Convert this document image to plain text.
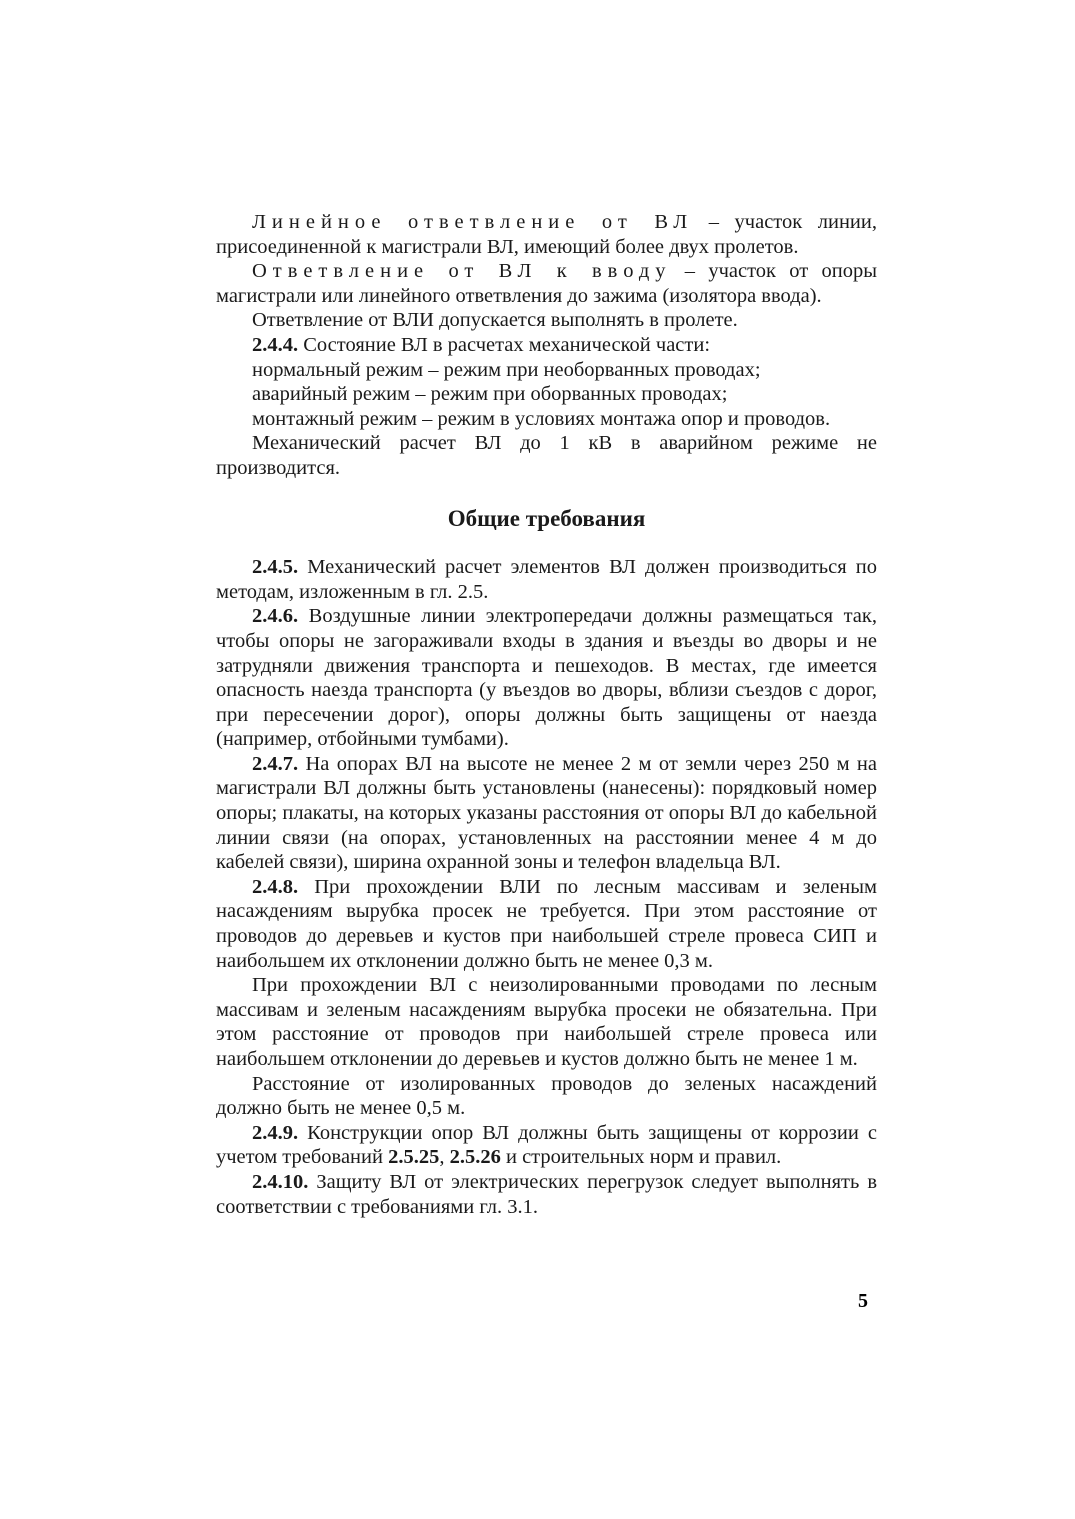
Линейное ответвление от ВЛ – участок линии, присоединенной к магистрали ВЛ, имеющий более двух пролетов.

Ответвление от ВЛ к вводу – участок от опоры магистрали или линейного ответвления до зажима (изолятора ввода).

Ответвление от ВЛИ допускается выполнять в пролете.

2.4.4. Состояние ВЛ в расчетах механической части:

нормальный режим – режим при необорванных проводах;

аварийный режим – режим при оборванных проводах;

монтажный режим – режим в условиях монтажа опор и проводов.

Механический расчет ВЛ до 1 кВ в аварийном режиме не производится.

Общие требования

2.4.5. Механический расчет элементов ВЛ должен производиться по методам, изложенным в гл. 2.5.

2.4.6. Воздушные линии электропередачи должны размещаться так, чтобы опоры не загораживали входы в здания и въезды во дворы и не затрудняли движения транспорта и пешеходов. В местах, где имеется опасность наезда транспорта (у въездов во дворы, вблизи съездов с дорог, при пересечении дорог), опоры должны быть защищены от наезда (например, отбойными тумбами).

2.4.7. На опорах ВЛ на высоте не менее 2 м от земли через 250 м на магистрали ВЛ должны быть установлены (нанесены): порядковый номер опоры; плакаты, на которых указаны расстояния от опоры ВЛ до кабельной линии связи (на опорах, установленных на расстоянии менее 4 м до кабелей связи), ширина охранной зоны и телефон владельца ВЛ.

2.4.8. При прохождении ВЛИ по лесным массивам и зеленым насаждениям вырубка просек не требуется. При этом расстояние от проводов до деревьев и кустов при наибольшей стреле провеса СИП и наибольшем их отклонении должно быть не менее 0,3 м.

При прохождении ВЛ с неизолированными проводами по лесным массивам и зеленым насаждениям вырубка просеки не обязательна. При этом расстояние от проводов при наибольшей стреле провеса или наибольшем отклонении до деревьев и кустов должно быть не менее 1 м.

Расстояние от изолированных проводов до зеленых насаждений должно быть не менее 0,5 м.

2.4.9. Конструкции опор ВЛ должны быть защищены от коррозии с учетом требований 2.5.25, 2.5.26 и строительных норм и правил.

2.4.10. Защиту ВЛ от электрических перегрузок следует выполнять в соответствии с требованиями гл. 3.1.

5
